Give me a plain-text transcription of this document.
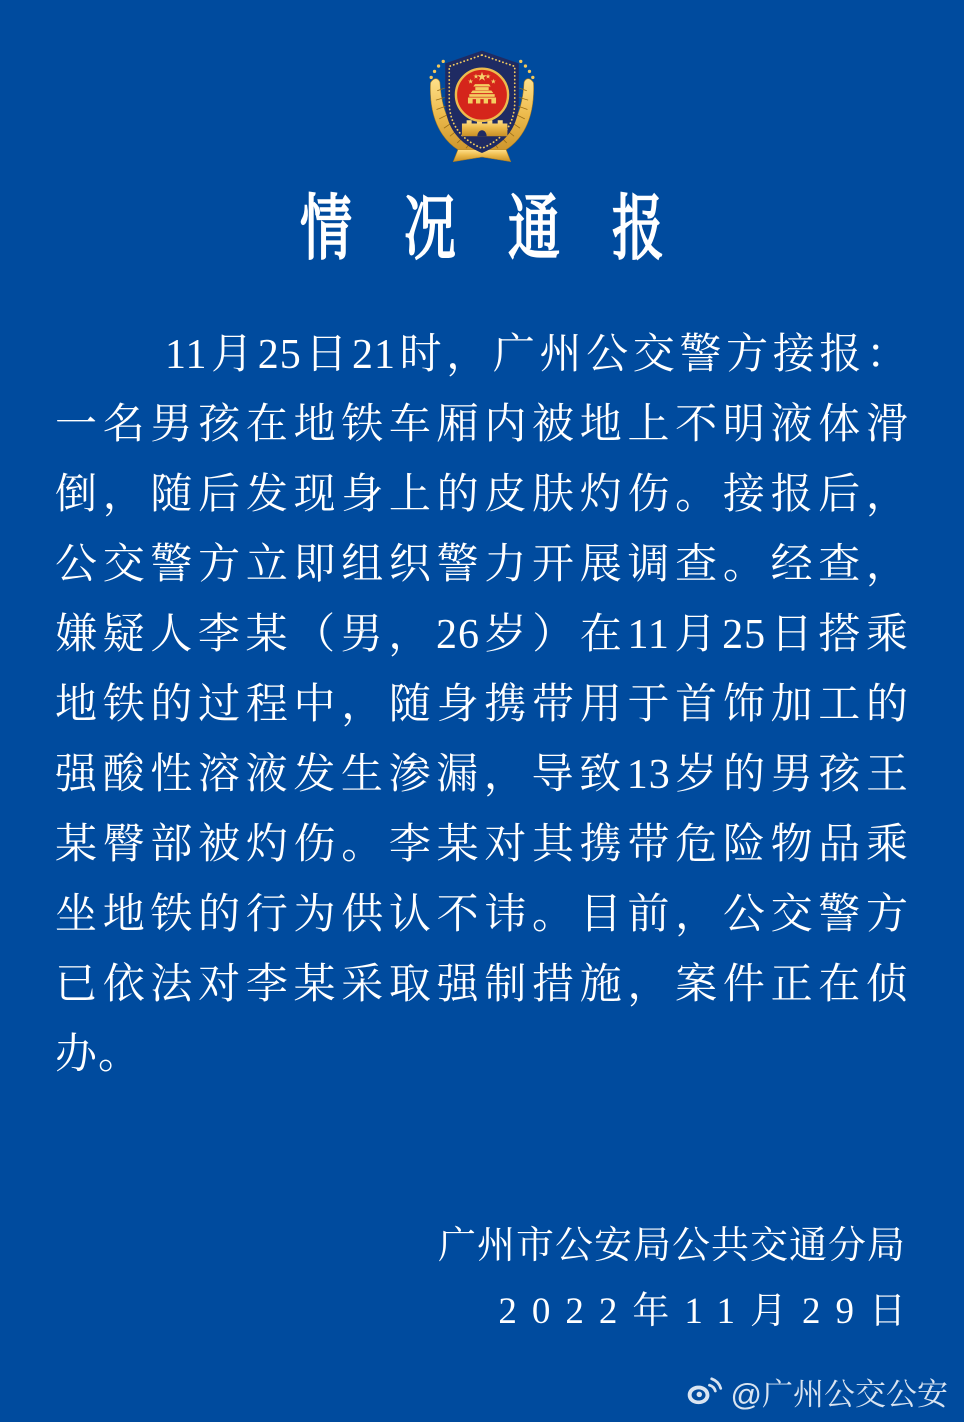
情况通报
11月25日21时，广州公交警方接报：
一名男孩在地铁车厢内被地上不明液体滑
倒，随后发现身上的皮肤灼伤。接报后，
公交警方立即组织警力开展调查。经查，
嫌疑人李某（男，26岁）在11月25日搭乘
地铁的过程中，随身携带用于首饰加工的
强酸性溶液发生渗漏，导致13岁的男孩王
某臀部被灼伤。李某对其携带危险物品乘
坐地铁的行为供认不讳。目前，公交警方
已依法对李某采取强制措施，案件正在侦
办。
广州市公安局公共交通分局
2022年11月29日
@广州公交公安
